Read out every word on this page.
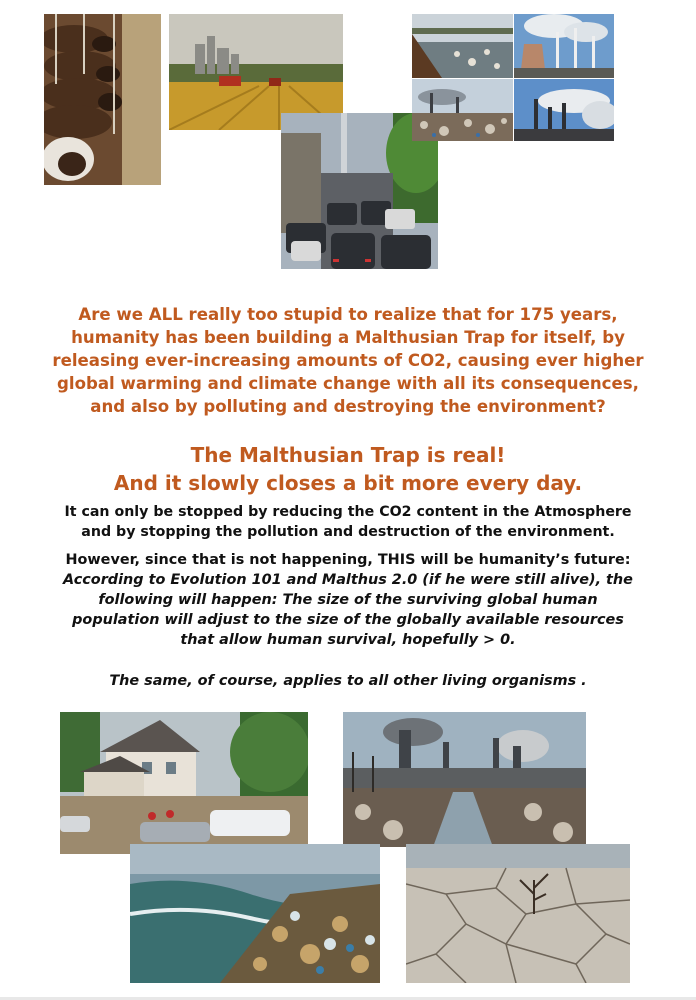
Are we ALL really too stupid to realize that for 175 years,
humanity has been building a Malthusian Trap for itself, by
releasing ever-increasing amounts of CO2, causing ever higher
global warming and climate change with all its consequences,
and also by polluting and destroying the environment?
The Malthusian Trap is real!
And it slowly closes a bit more every day.
It can only be stopped by reducing the CO2 content in the Atmosphere
and by stopping the pollution and destruction of the environment.
However, since that is not happening, THIS will be humanity’s future:
According to Evolution 101 and Malthus 2.0 (if he were still alive), the
following will happen: The size of the surviving global human
population will adjust to the size of the globally available resources
that allow human survival, hopefully > 0.
The same, of course, applies to all other living organisms .
